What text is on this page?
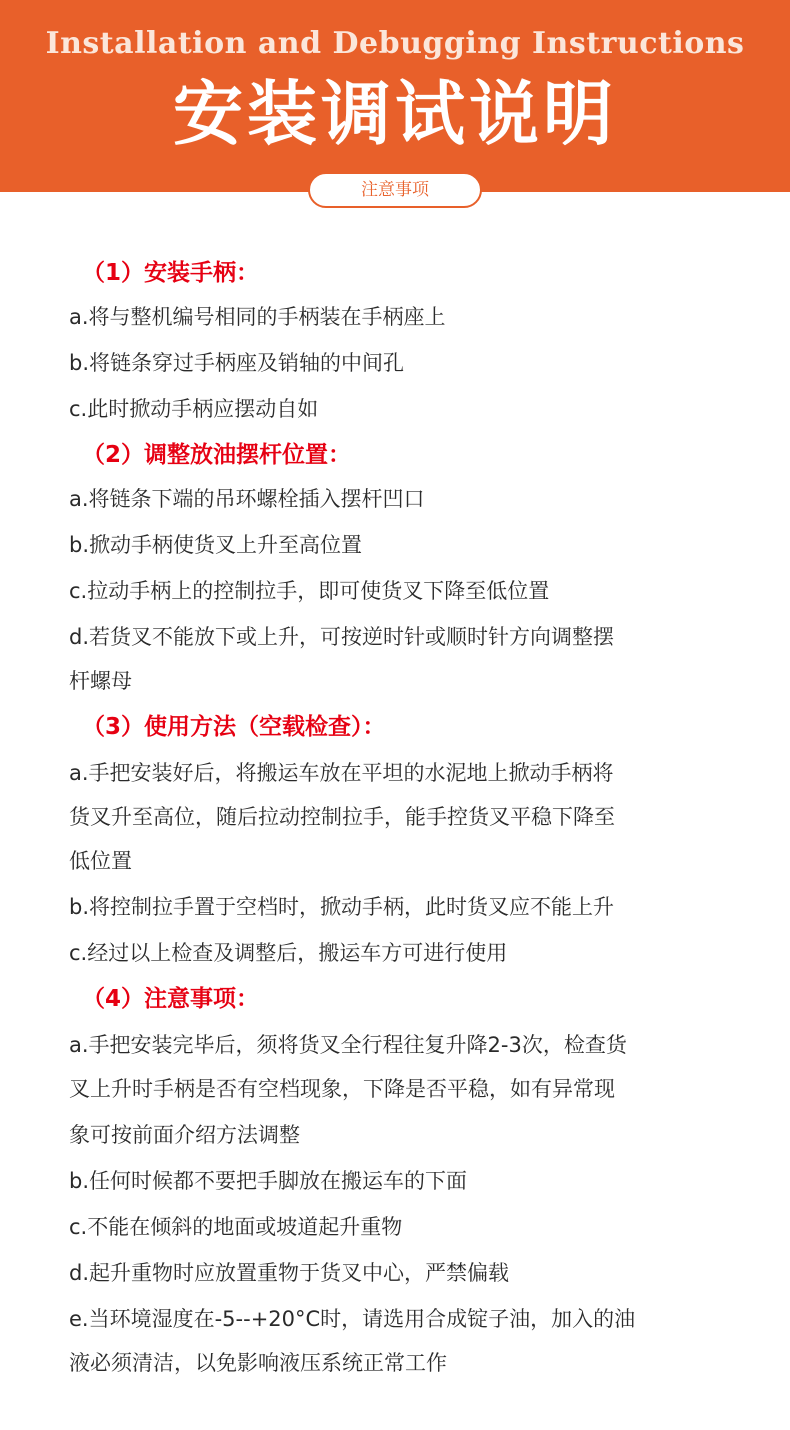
Installation and Debugging Instructions
安装调试说明
注意事项
（1）安装手柄：
a.将与整机编号相同的手柄装在手柄座上
b.将链条穿过手柄座及销轴的中间孔
c.此时掀动手柄应摆动自如
（2）调整放油摆杆位置：
a.将链条下端的吊环螺栓插入摆杆凹口
b.掀动手柄使货叉上升至高位置
c.拉动手柄上的控制拉手，即可使货叉下降至低位置
d.若货叉不能放下或上升，可按逆时针或顺时针方向调整摆
杆螺母
（3）使用方法（空载检查）：
a.手把安装好后，将搬运车放在平坦的水泥地上掀动手柄将
货叉升至高位，随后拉动控制拉手，能手控货叉平稳下降至
低位置
b.将控制拉手置于空档时，掀动手柄，此时货叉应不能上升
c.经过以上检查及调整后，搬运车方可进行使用
（4）注意事项：
a.手把安装完毕后，须将货叉全行程往复升降2-3次，检查货
叉上升时手柄是否有空档现象，下降是否平稳，如有异常现
象可按前面介绍方法调整
b.任何时候都不要把手脚放在搬运车的下面
c.不能在倾斜的地面或坡道起升重物
d.起升重物时应放置重物于货叉中心，严禁偏载
e.当环境湿度在-5--+20°C时，请选用合成锭子油，加入的油
液必须清洁，以免影响液压系统正常工作
